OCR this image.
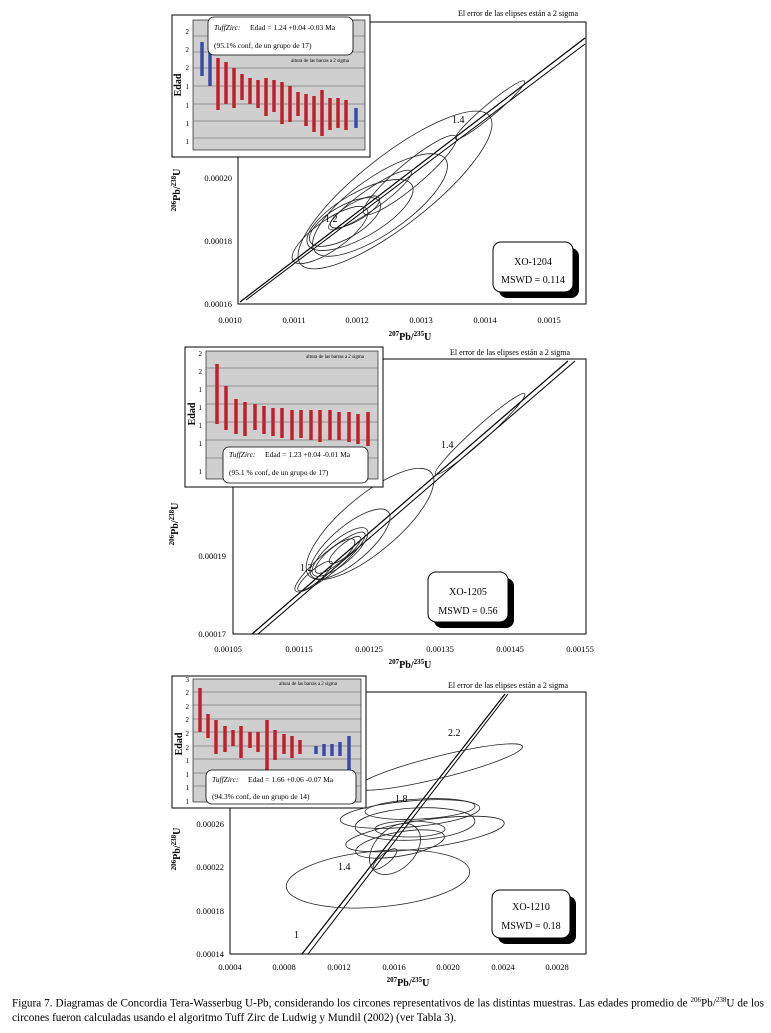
El error de las elipses están a 2 sigma
1.4
1.2
0.00020
0.00018
0.00016
0.0010	0.0011	0.0012	0.0013	0.0014	0.0015
$^{207}$Pb/$^{235}$U
$^{206}$Pb/$^{238}$U
XO-1204
MSWD = 0.114
2
2
2
1
1
1
1
Edad
altura de las barras a 2 sigma
TuffZirc: Edad = 1.24 +0.04 -0.03 Ma
(95.1% conf, de un grupo de 17)
El error de las elipses están a 2 sigma
1.4
1.2
0.00019
0.00017
0.00105	0.00115	0.00125	0.00135	0.00145	0.00155
$^{207}$Pb/$^{235}$U
$^{206}$Pb/$^{238}$U
XO-1205
MSWD = 0.56
2
2
1
1
1
1
1
Edad
altura de las barras a 2 sigma
TuffZirc: Edad = 1.23 +0.04 -0.01 Ma
(95.1 % conf, de un grupo de 17)
El error de las elipses están a 2 sigma
2.2
1.8
1.4
1
0.00026
0.00022
0.00018
0.00014
0.0004	0.0008	0.0012	0.0016	0.0020	0.0024	0.0028
$^{207}$Pb/$^{235}$U
$^{206}$Pb/$^{238}$U
XO-1210
MSWD = 0.18
3
2
2
2
2
2
1
1
1
1
Edad
altura de las barras a 2 sigma
TuffZirc: Edad = 1.66 +0.06 -0.07 Ma
(94.3% conf, de un grupo de 14)
Figura 7. Diagramas de Concordia Tera-Wasserbug U-Pb, considerando los circones representativos de las distintas muestras. Las edades promedio de $^{206}$Pb/$^{238}$U de los circones fueron calculadas usando el algoritmo Tuff Zirc de Ludwig y Mundil (2002) (ver Tabla 3).
